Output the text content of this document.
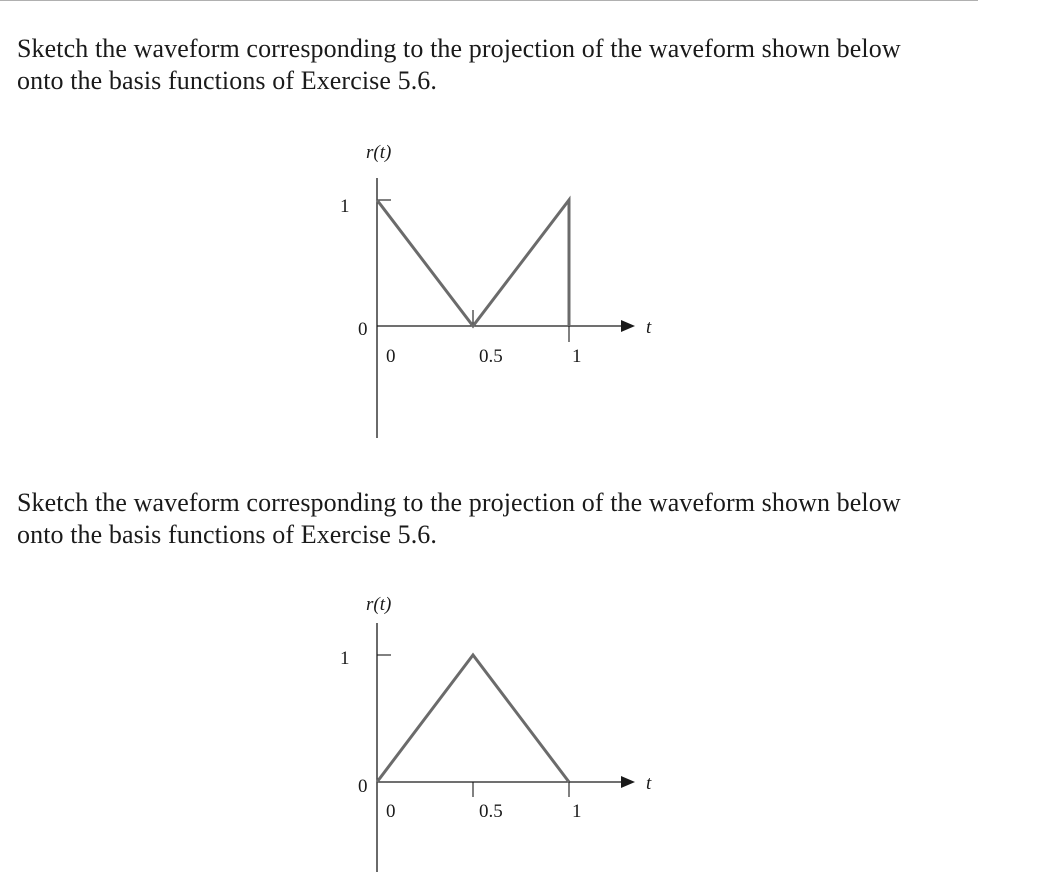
Sketch the waveform corresponding to the projection of the waveform shown below
onto the basis functions of Exercise 5.6.

r(t)
1
0
0	0.5	1
t

Sketch the waveform corresponding to the projection of the waveform shown below
onto the basis functions of Exercise 5.6.

r(t)
1
0
0	0.5	1
t
